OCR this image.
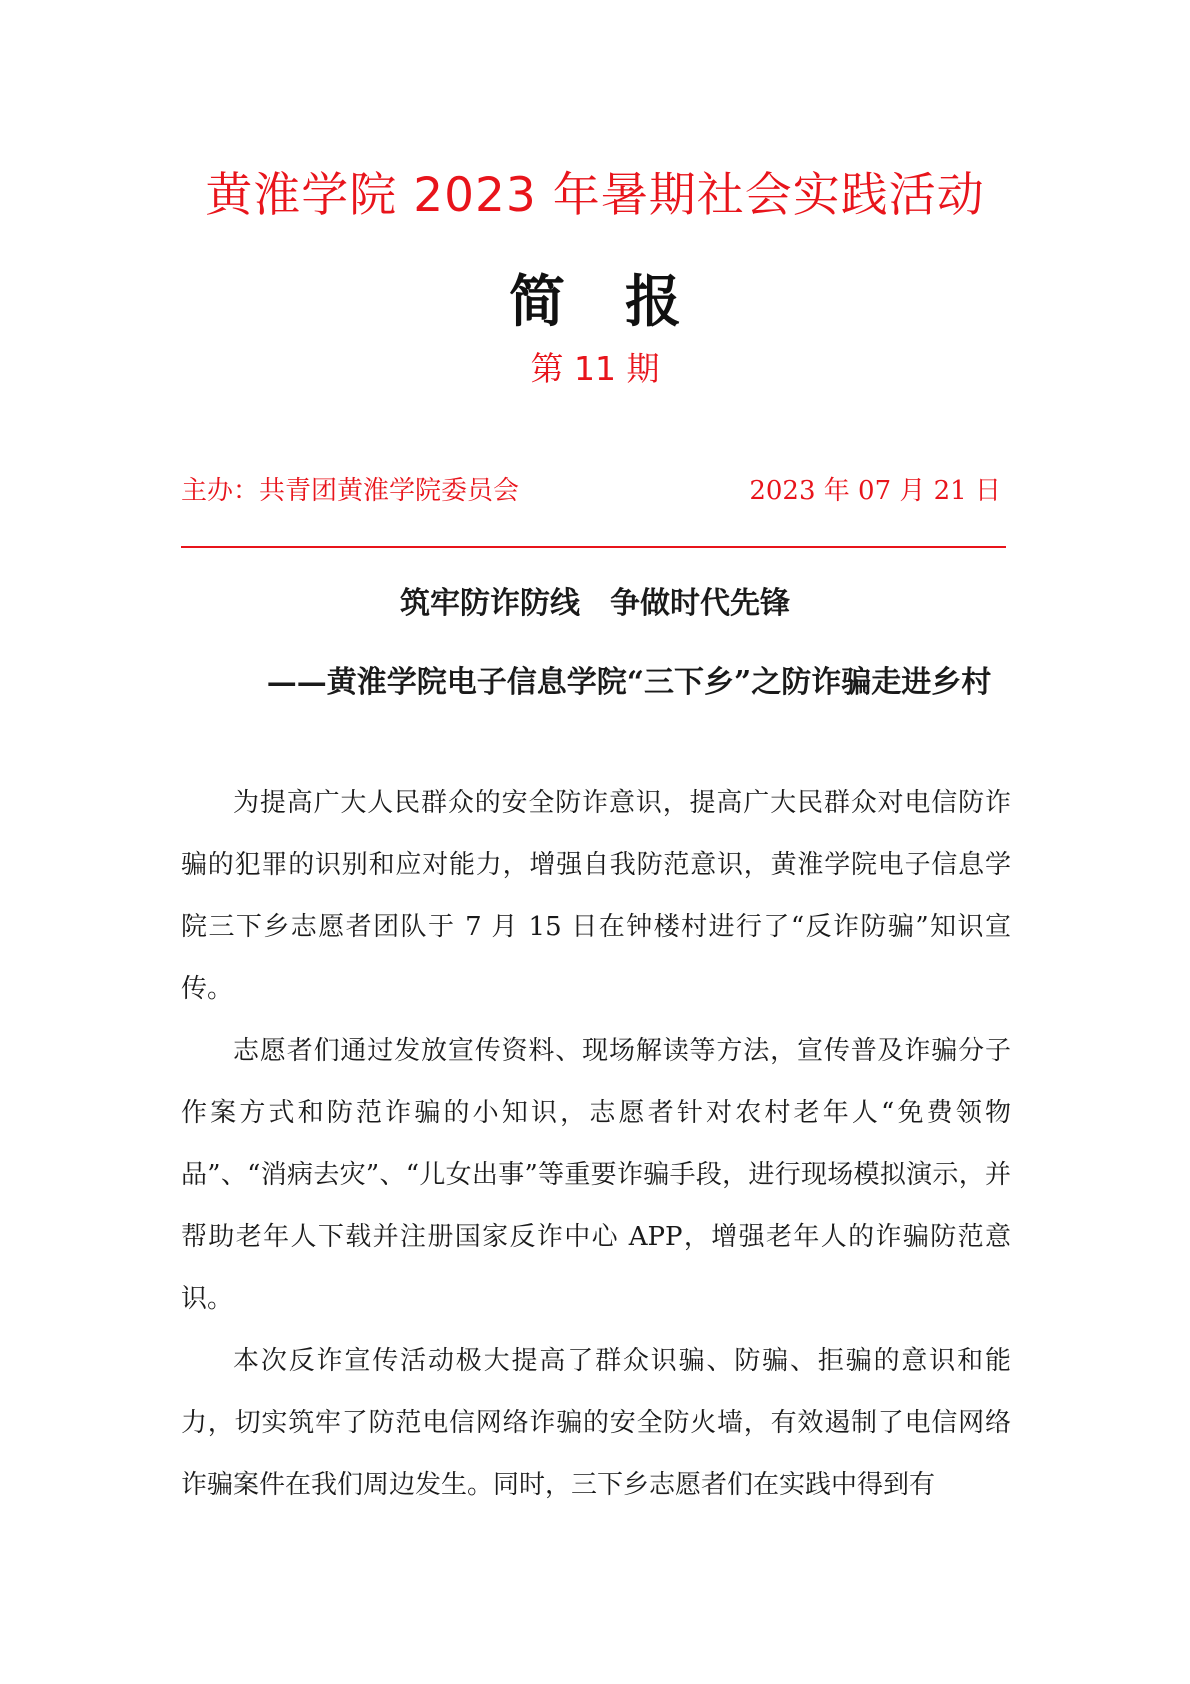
黄淮学院 2023 年暑期社会实践活动
简 报
第 11 期
主办：共青团黄淮学院委员会	2023 年 07 月 21 日
筑牢防诈防线 争做时代先锋
——黄淮学院电子信息学院“三下乡”之防诈骗走进乡村

为提高广大人民群众的安全防诈意识，提高广大民群众对电信防诈骗的犯罪的识别和应对能力，增强自我防范意识，黄淮学院电子信息学院三下乡志愿者团队于 7 月 15 日在钟楼村进行了“反诈防骗”知识宣传。

志愿者们通过发放宣传资料、现场解读等方法，宣传普及诈骗分子作案方式和防范诈骗的小知识，志愿者针对农村老年人“免费领物品”、“消病去灾”、“儿女出事”等重要诈骗手段，进行现场模拟演示，并帮助老年人下载并注册国家反诈中心 APP，增强老年人的诈骗防范意识。

本次反诈宣传活动极大提高了群众识骗、防骗、拒骗的意识和能力，切实筑牢了防范电信网络诈骗的安全防火墙，有效遏制了电信网络诈骗案件在我们周边发生。同时，三下乡志愿者们在实践中得到有
